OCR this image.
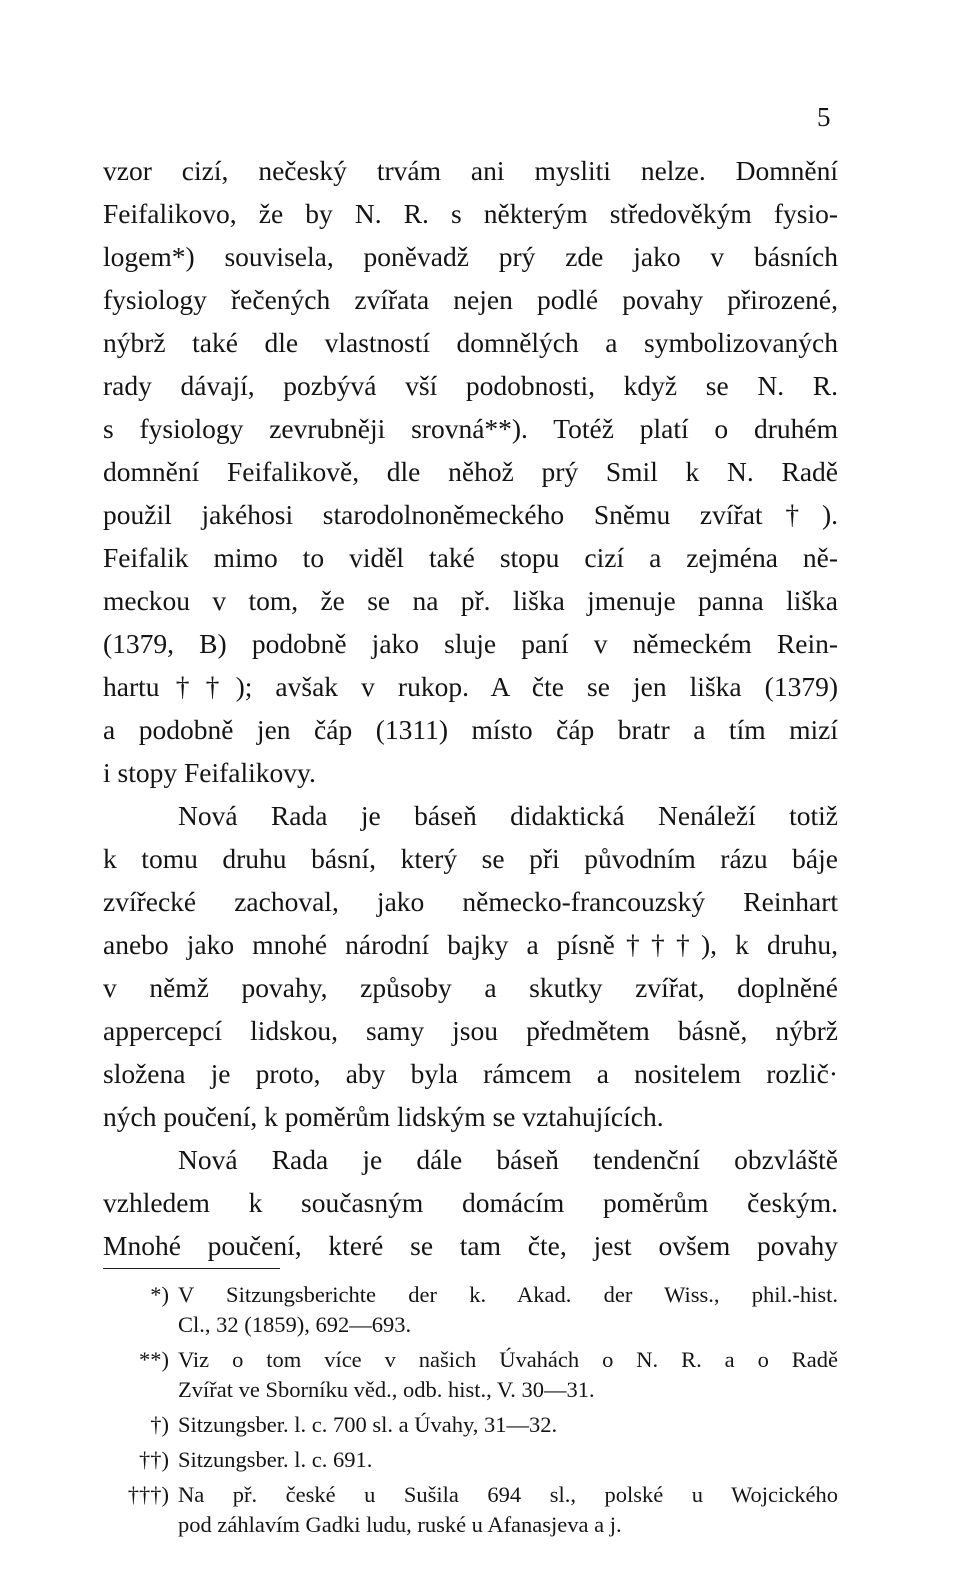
5

vzor cizí, nečeský trvám ani mysliti nelze. Domnění

Feifalikovo, že by N. R. s některým středověkým fysio-

logem*) souvisela, poněvadž prý zde jako v básních

fysiology řečených zvířata nejen podlé povahy přirozené,

nýbrž také dle vlastností domnělých a symbolizovaných

rady dávají, pozbývá vší podobnosti, když se N. R.

s fysiology zevrubněji srovná**). Totéž platí o druhém

domnění Feifalikově, dle něhož prý Smil k N. Radě

použil jakéhosi starodolnoněmeckého Sněmu zvířat†).

Feifalik mimo to viděl také stopu cizí a zejména ně-

meckou v tom, že se na př. liška jmenuje panna liška

(1379, B) podobně jako sluje paní v německém Rein-

hartu††); avšak v rukop. A čte se jen liška (1379)

a podobně jen čáp (1311) místo čáp bratr a tím mizí

i stopy Feifalikovy.

Nová Rada je báseň didaktická Nenáleží totiž

k tomu druhu básní, který se při původním rázu báje

zvířecké zachoval, jako německo-francouzský Reinhart

anebo jako mnohé národní bajky a písně†††), k druhu,

v němž povahy, způsoby a skutky zvířat, doplněné

appercepcí lidskou, samy jsou předmětem básně, nýbrž

složena je proto, aby byla rámcem a nositelem rozlič·

ných poučení, k poměrům lidským se vztahujících.

Nová Rada je dále báseň tendenční obzvláště

vzhledem k současným domácím poměrům českým.

Mnohé poučení, které se tam čte, jest ovšem povahy

*) V Sitzungsberichte der k. Akad. der Wiss., phil.-hist.

Cl., 32 (1859), 692—693.

**) Viz o tom více v našich Úvahách o N. R. a o Radě

Zvířat ve Sborníku věd., odb. hist., V. 30—31.

†) Sitzungsber. l. c. 700 sl. a Úvahy, 31—32.

††) Sitzungsber. l. c. 691.

†††) Na př. české u Sušila 694 sl., polské u Wojcického

pod záhlavím Gadki ludu, ruské u Afanasjeva a j.
